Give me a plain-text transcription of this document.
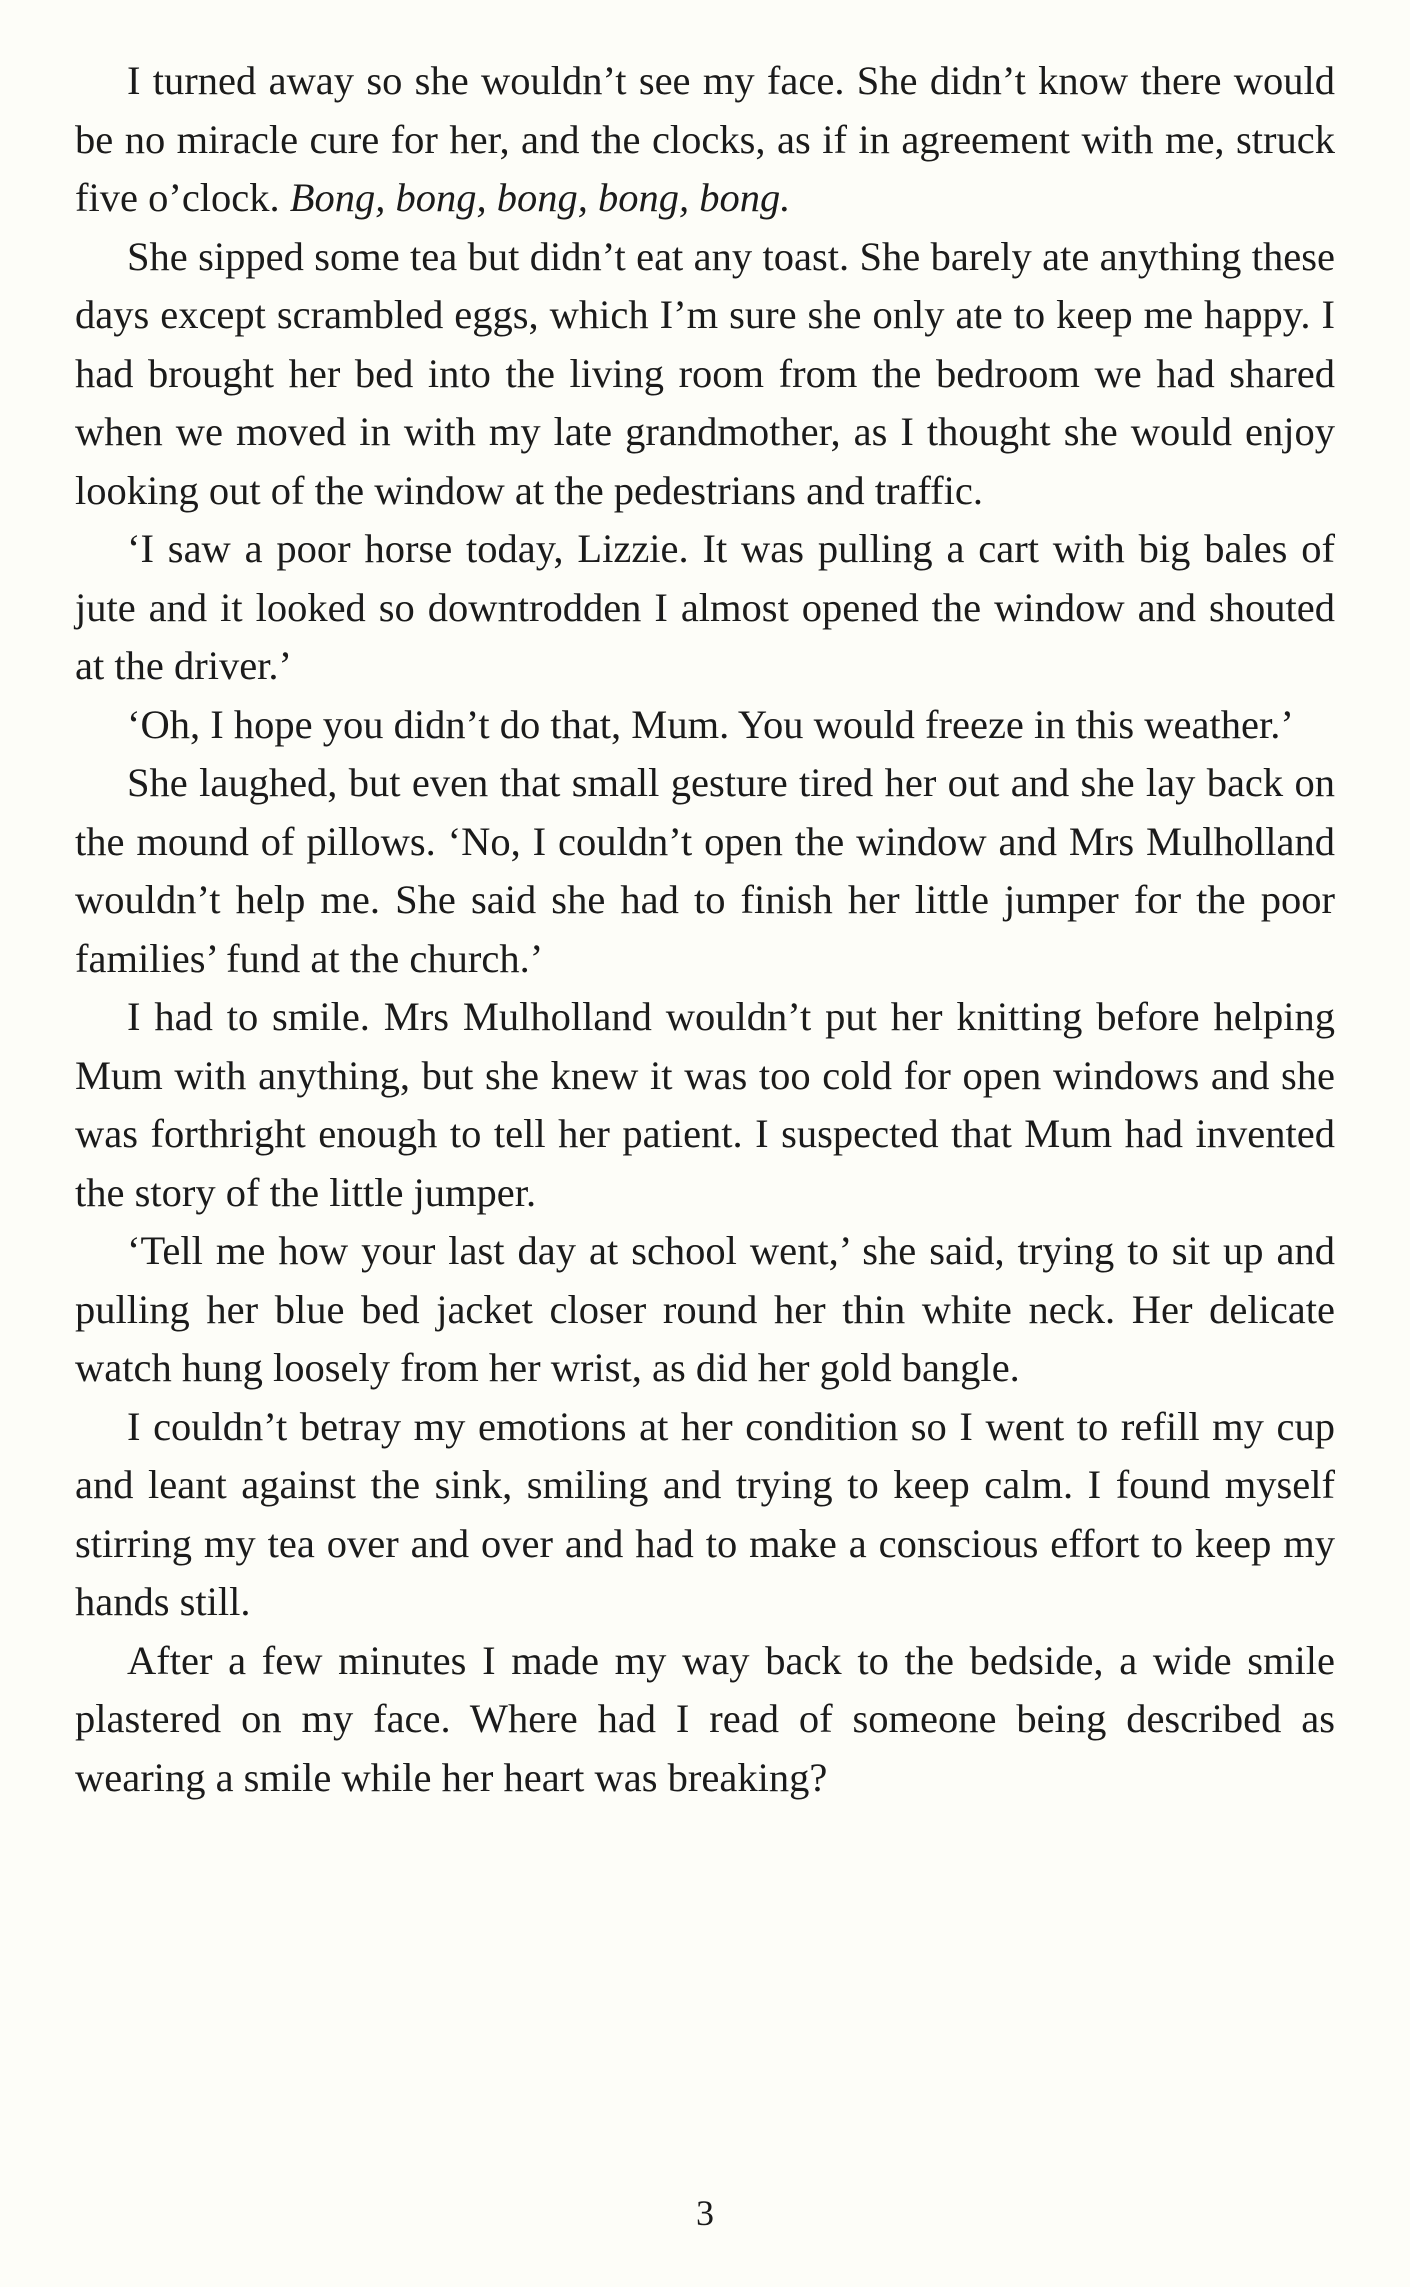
I turned away so she wouldn’t see my face. She didn’t know there would be no miracle cure for her, and the clocks, as if in agreement with me, struck five o’clock. Bong, bong, bong, bong, bong.

She sipped some tea but didn’t eat any toast. She barely ate anything these days except scrambled eggs, which I’m sure she only ate to keep me happy. I had brought her bed into the living room from the bedroom we had shared when we moved in with my late grandmother, as I thought she would enjoy looking out of the window at the pedestrians and traffic.

‘I saw a poor horse today, Lizzie. It was pulling a cart with big bales of jute and it looked so downtrodden I almost opened the window and shouted at the driver.’

‘Oh, I hope you didn’t do that, Mum. You would freeze in this weather.’

She laughed, but even that small gesture tired her out and she lay back on the mound of pillows. ‘No, I couldn’t open the window and Mrs Mulholland wouldn’t help me. She said she had to finish her little jumper for the poor families’ fund at the church.’

I had to smile. Mrs Mulholland wouldn’t put her knitting before helping Mum with anything, but she knew it was too cold for open windows and she was forthright enough to tell her patient. I suspected that Mum had invented the story of the little jumper.

‘Tell me how your last day at school went,’ she said, trying to sit up and pulling her blue bed jacket closer round her thin white neck. Her delicate watch hung loosely from her wrist, as did her gold bangle.

I couldn’t betray my emotions at her condition so I went to refill my cup and leant against the sink, smiling and trying to keep calm. I found myself stirring my tea over and over and had to make a conscious effort to keep my hands still.

After a few minutes I made my way back to the bedside, a wide smile plastered on my face. Where had I read of someone being described as wearing a smile while her heart was breaking?

3
